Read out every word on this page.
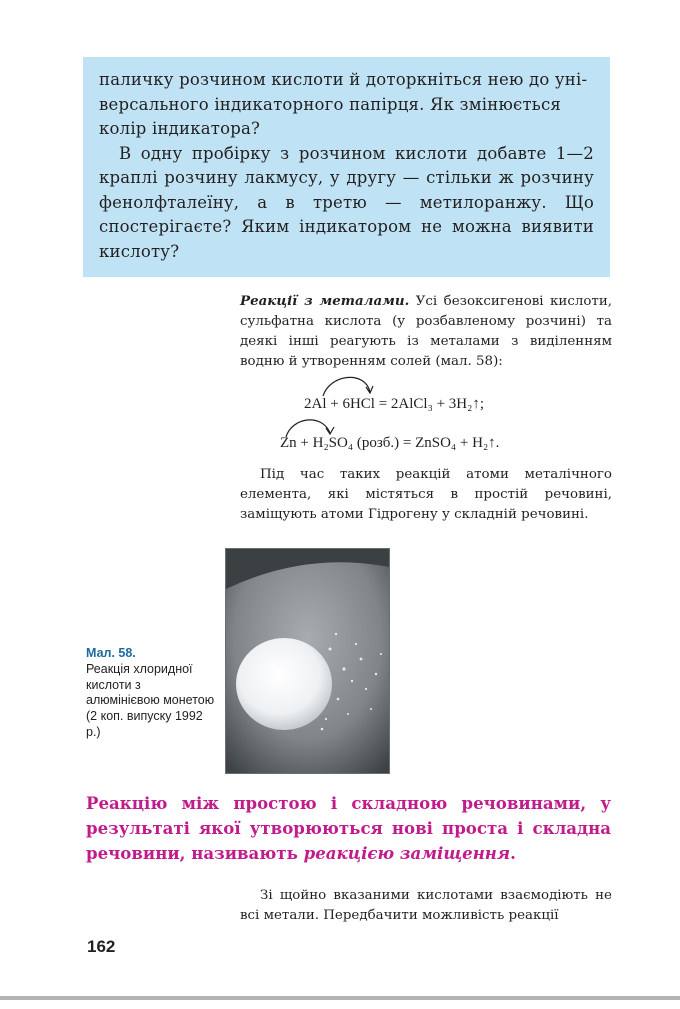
паличку розчином кислоти й доторкніться нею до уні-

версального індикаторного папірця. Як змінюється

колір індикатора?

В одну пробірку з розчином кислоти добавте 1—2 краплі розчину лакмусу, у другу — стільки ж розчину фенолфталеїну, а в третю — метилоранжу. Що спостерігаєте? Яким індикатором не можна виявити кислоту?

Реакції з металами. Усі безоксигенові кислоти, сульфатна кислота (у розбавленому розчині) та деякі інші реагують із металами з виділенням водню й утворенням солей (мал. 58):

2Al + 6HCl = 2AlCl₃ + 3H₂↑;
Zn + H₂SO₄ (розб.) = ZnSO₄ + H₂↑.

Під час таких реакцій атоми металічного елемента, які містяться в простій речовині, заміщують атоми Гідрогену у складній речовині.

Мал. 58.
Реакція хлоридної кислоти з алюмінієвою монетою (2 коп. випуску 1992 р.)

Реакцію між простою і складною речовинами, у результаті якої утворюються нові проста і складна речовини, називають реакцією заміщення.

Зі щойно вказаними кислотами взаємодіють не всі метали. Передбачити можливість реакції

162
